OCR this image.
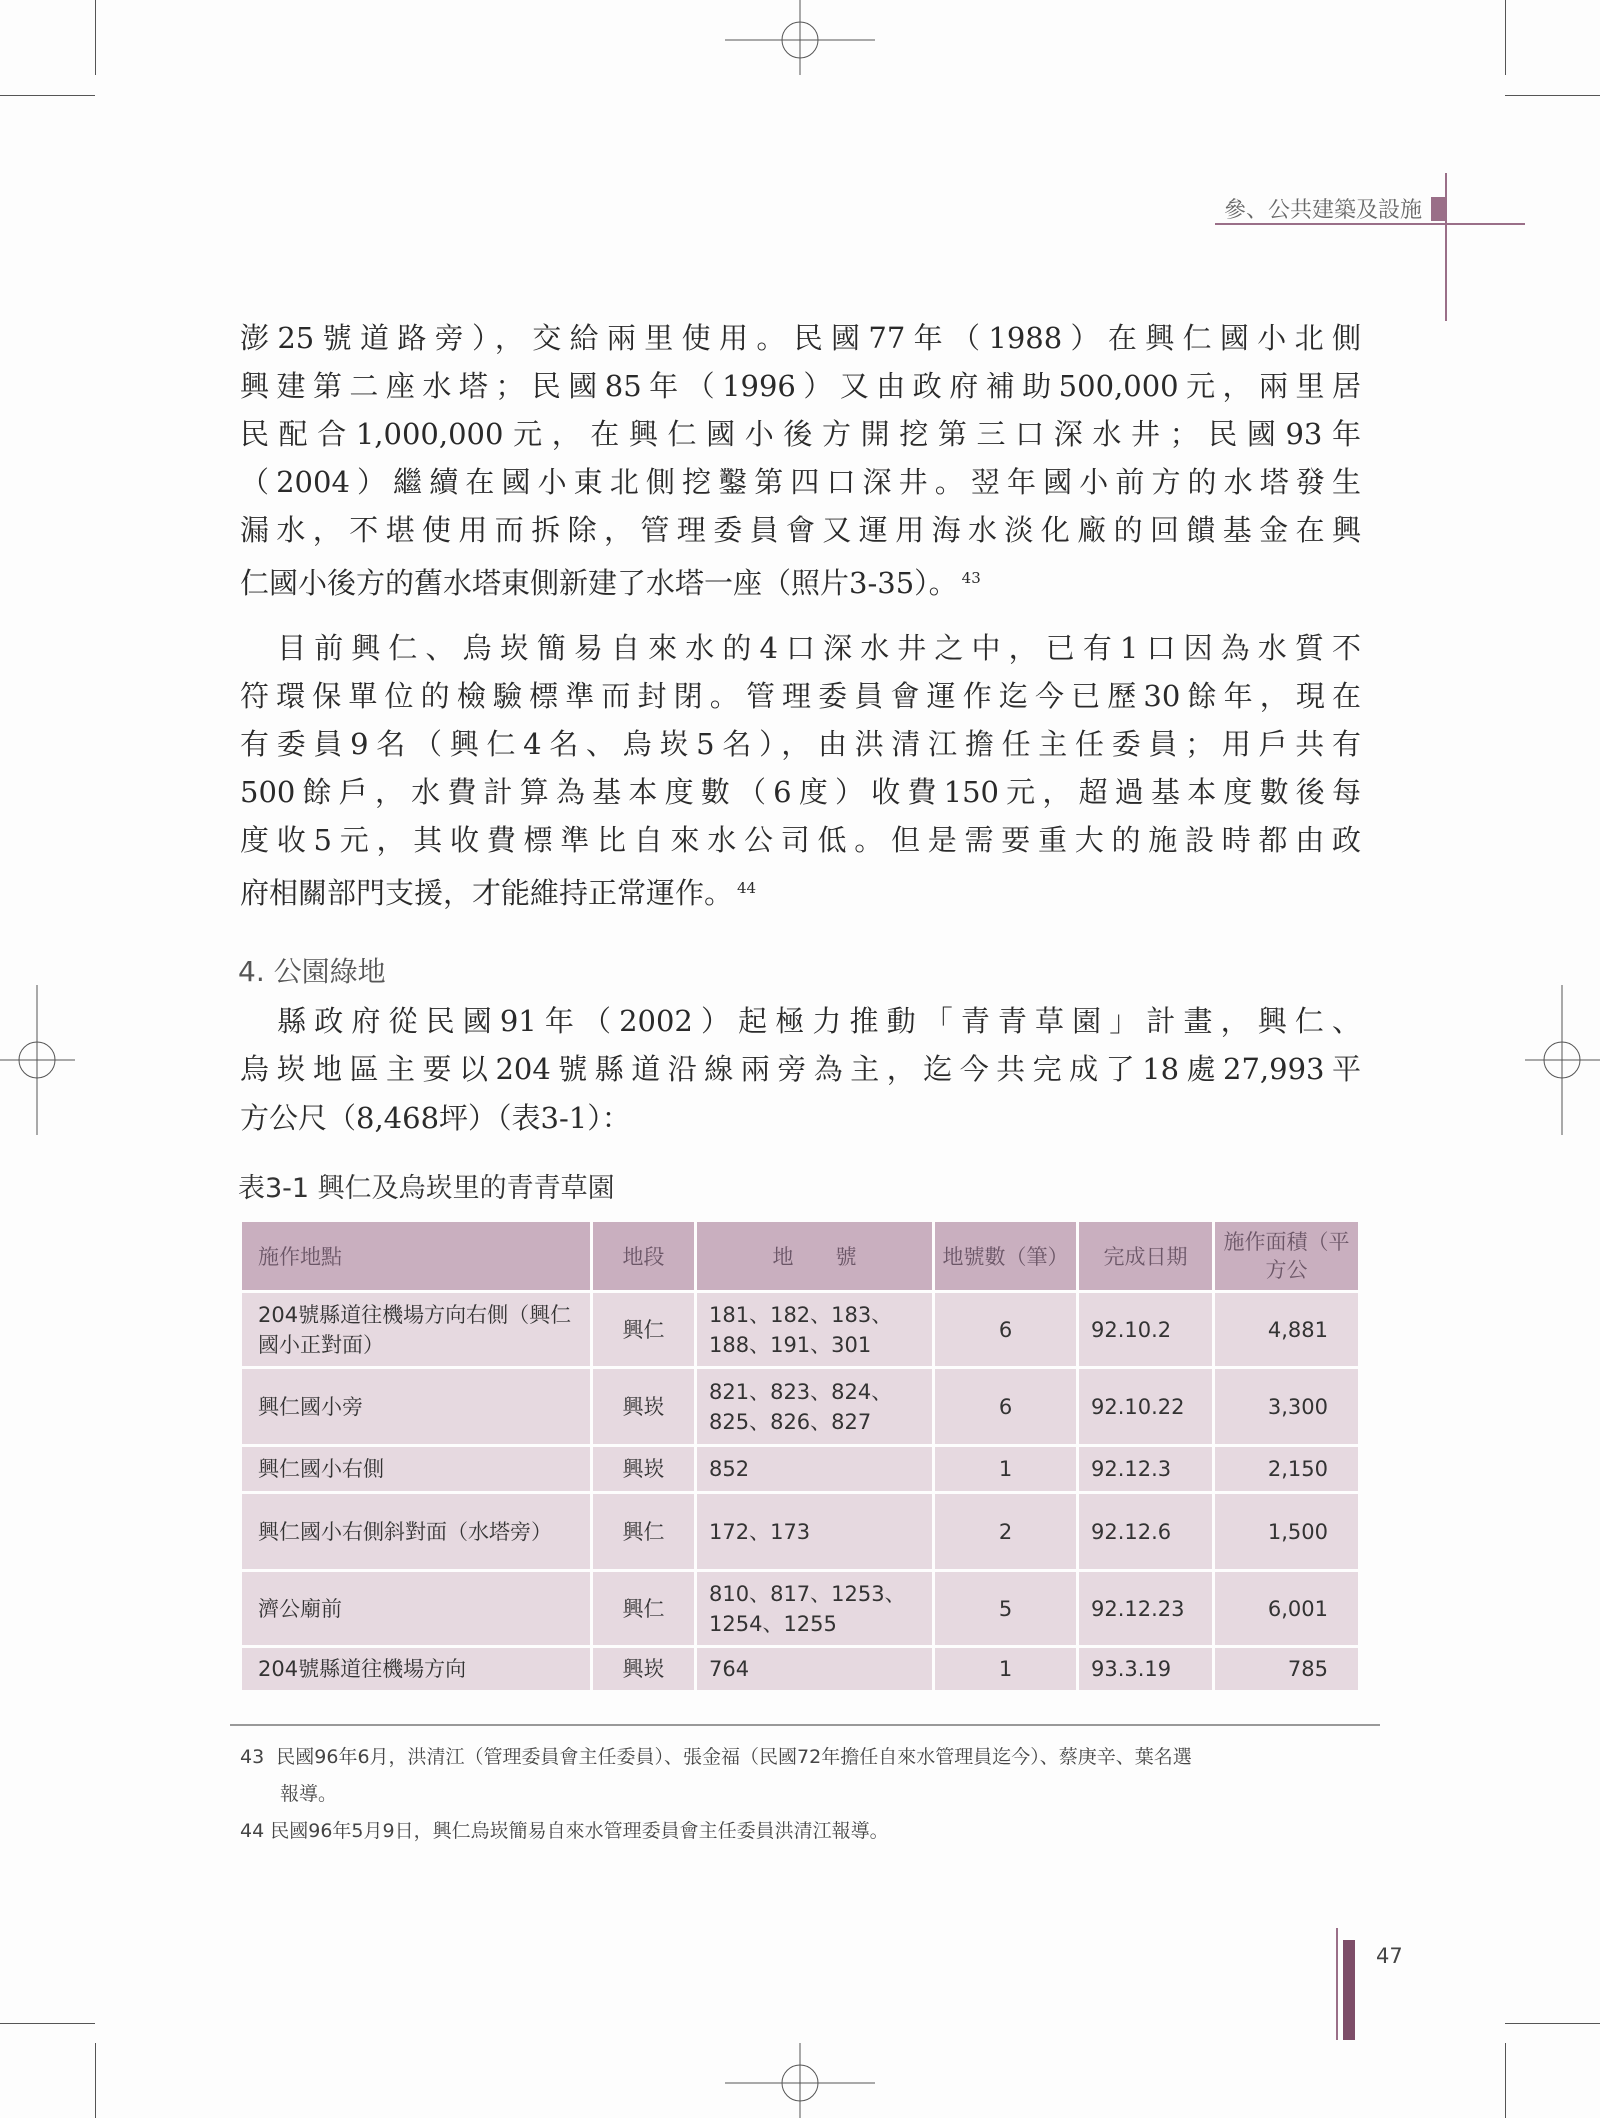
參、公共建築及設施
澎25號道路旁），交給兩里使用。民國77年（1988）在興仁國小北側
興建第二座水塔；民國85年（1996）又由政府補助500,000元，兩里居
民配合1,000,000元，在興仁國小後方開挖第三口深水井；民國93年
（2004）繼續在國小東北側挖鑿第四口深井。翌年國小前方的水塔發生
漏水，不堪使用而拆除，管理委員會又運用海水淡化廠的回饋基金在興
仁國小後方的舊水塔東側新建了水塔一座（照片3-35）。 $^{43}$
　目前興仁、烏崁簡易自來水的4口深水井之中，已有1口因為水質不
符環保單位的檢驗標準而封閉。管理委員會運作迄今已歷30餘年，現在
有委員9名（興仁4名、烏崁5名），由洪清江擔任主任委員；用戶共有
500餘戶，水費計算為基本度數（6度）收費150元，超過基本度數後每
度收5元，其收費標準比自來水公司低。但是需要重大的施設時都由政
府相關部門支援，才能維持正常運作。 $^{44}$
4. 公園綠地
　縣政府從民國91年（2002）起極力推動「青青草園」計畫，興仁、
烏崁地區主要以204號縣道沿線兩旁為主，迄今共完成了18處27,993平
方公尺（8,468坪）（表3-1）：
表3-1 興仁及烏崁里的青青草園
施作地點	地段	地　　號	地號數（筆）	完成日期	施作面積（平方公
204號縣道往機場方向右側（興仁國小正對面）	興仁	181、182、183、188、191、301	6	92.10.2	4,881
興仁國小旁	興崁	821、823、824、825、826、827	6	92.10.22	3,300
興仁國小右側	興崁	852	1	92.12.3	2,150
興仁國小右側斜對面（水塔旁）	興仁	172、173	2	92.12.6	1,500
濟公廟前	興仁	810、817、1253、1254、1255	5	92.12.23	6,001
204號縣道往機場方向	興崁	764	1	93.3.19	785
43 民國96年6月，洪清江（管理委員會主任委員）、張金福（民國72年擔任自來水管理員迄今）、蔡庚辛、葉名選
報導。
44 民國96年5月9日，興仁烏崁簡易自來水管理委員會主任委員洪清江報導。
47
